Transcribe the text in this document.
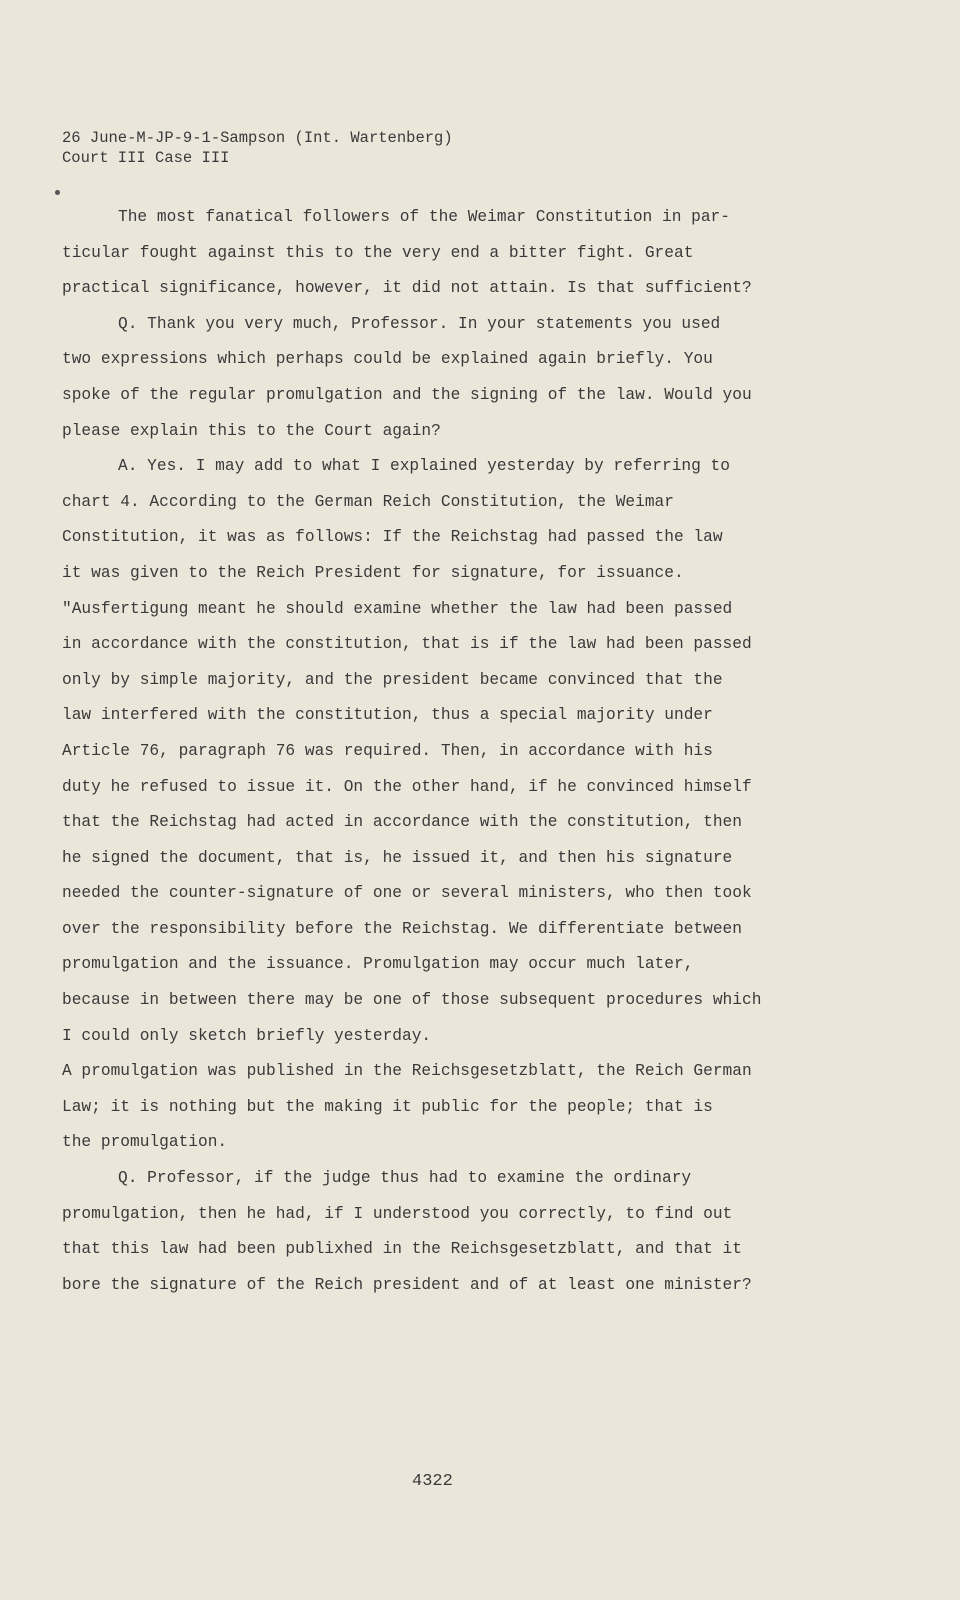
26 June-M-JP-9-1-Sampson (Int. Wartenberg)
Court III Case III
The most fanatical followers of the Weimar Constitution in par-
ticular fought against this to the very end a bitter fight. Great
practical significance, however, it did not attain. Is that sufficient?
Q. Thank you very much, Professor. In your statements you used
two expressions which perhaps could be explained again briefly. You
spoke of the regular promulgation and the signing of the law. Would you
please explain this to the Court again?
A. Yes. I may add to what I explained yesterday by referring to
chart 4. According to the German Reich Constitution, the Weimar
Constitution, it was as follows: If the Reichstag had passed the law
it was given to the Reich President for signature, for issuance.
"Ausfertigung meant he should examine whether the law had been passed
in accordance with the constitution, that is if the law had been passed
only by simple majority, and the president became convinced that the
law interfered with the constitution, thus a special majority under
Article 76, paragraph 76 was required. Then, in accordance with his
duty he refused to issue it. On the other hand, if he convinced himself
that the Reichstag had acted in accordance with the constitution, then
he signed the document, that is, he issued it, and then his signature
needed the counter-signature of one or several ministers, who then took
over the responsibility before the Reichstag. We differentiate between
promulgation and the issuance. Promulgation may occur much later,
because in between there may be one of those subsequent procedures which
I could only sketch briefly yesterday.
A promulgation was published in the Reichsgesetzblatt, the Reich German
Law; it is nothing but the making it public for the people; that is
the promulgation.
Q. Professor, if the judge thus had to examine the ordinary
promulgation, then he had, if I understood you correctly, to find out
that this law had been publixhed in the Reichsgesetzblatt, and that it
bore the signature of the Reich president and of at least one minister?
4322
